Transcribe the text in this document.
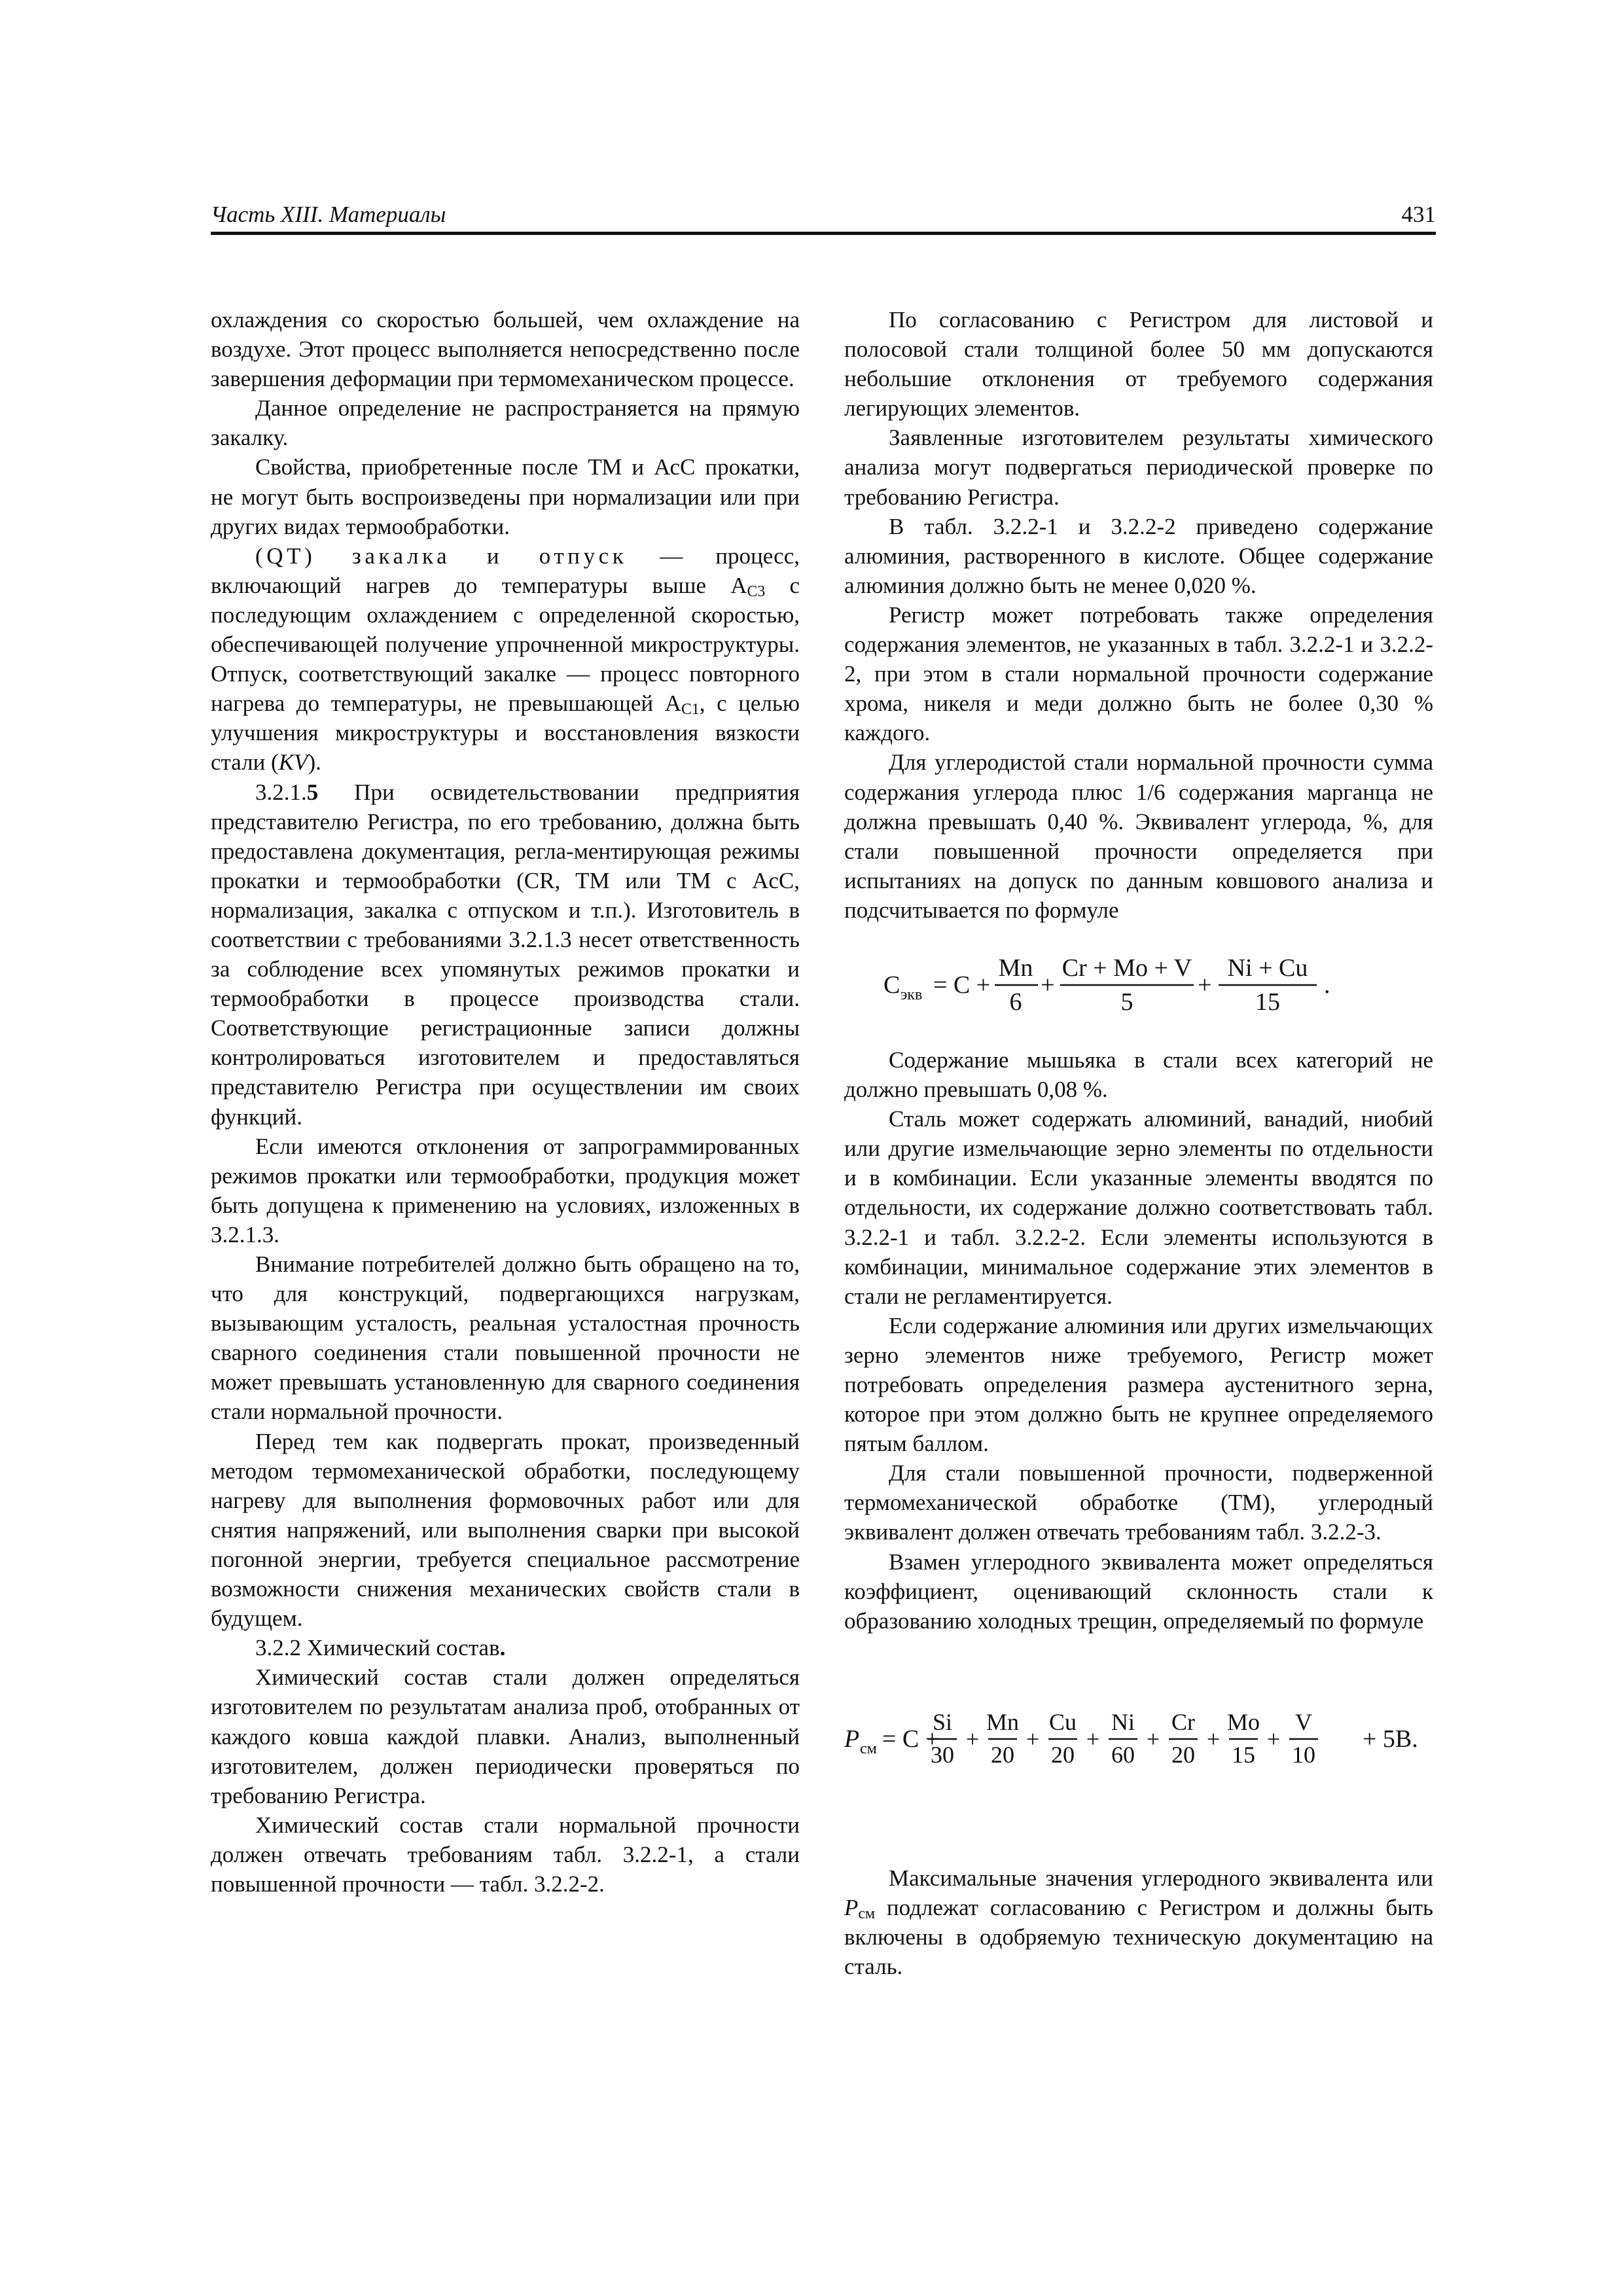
Часть XIII. Материалы	431

охлаждения со скоростью большей, чем охлаждение на воздухе. Этот процесс выполняется непосредственно после завершения деформации при термомеханическом процессе.

Данное определение не распространяется на прямую закалку.

Свойства, приобретенные после ТМ и АсС прокатки, не могут быть воспроизведены при нормализации или при других видах термообработки.

(QT) закалка и отпуск — процесс, включающий нагрев до температуры выше $A_{C3}$ с последующим охлаждением с определенной скоростью, обеспечивающей получение упрочненной микроструктуры. Отпуск, соответствующий закалке — процесс повторного нагрева до температуры, не превышающей $A_{C1}$, с целью улучшения микроструктуры и восстановления вязкости стали (KV).

3.2.1.5 При освидетельствовании предприятия представителю Регистра, по его требованию, должна быть предоставлена документация, регла-ментирующая режимы прокатки и термообработки (CR, TM или TM с AcC, нормализация, закалка с отпуском и т.п.). Изготовитель в соответствии с требованиями 3.2.1.3 несет ответственность за соблюдение всех упомянутых режимов прокатки и термообработки в процессе производства стали. Соответствующие регистрационные записи должны контролироваться изготовителем и предоставляться представителю Регистра при осуществлении им своих функций.

Если имеются отклонения от запрограммированных режимов прокатки или термообработки, продукция может быть допущена к применению на условиях, изложенных в 3.2.1.3.

Внимание потребителей должно быть обращено на то, что для конструкций, подвергающихся нагрузкам, вызывающим усталость, реальная усталостная прочность сварного соединения стали повышенной прочности не может превышать установленную для сварного соединения стали нормальной прочности.

Перед тем как подвергать прокат, произведенный методом термомеханической обработки, последующему нагреву для выполнения формовочных работ или для снятия напряжений, или выполнения сварки при высокой погонной энергии, требуется специальное рассмотрение возможности снижения механических свойств стали в будущем.

3.2.2 Химический состав.

Химический состав стали должен определяться изготовителем по результатам анализа проб, отобранных от каждого ковша каждой плавки. Анализ, выполненный изготовителем, должен периодически проверяться по требованию Регистра.

Химический состав стали нормальной прочности должен отвечать требованиям табл. 3.2.2-1, а стали повышенной прочности — табл. 3.2.2-2.

По согласованию с Регистром для листовой и полосовой стали толщиной более 50 мм допускаются небольшие отклонения от требуемого содержания легирующих элементов.

Заявленные изготовителем результаты химического анализа могут подвергаться периодической проверке по требованию Регистра.

В табл. 3.2.2-1 и 3.2.2-2 приведено содержание алюминия, растворенного в кислоте. Общее содержание алюминия должно быть не менее 0,020 %.

Регистр может потребовать также определения содержания элементов, не указанных в табл. 3.2.2-1 и 3.2.2-2, при этом в стали нормальной прочности содержание хрома, никеля и меди должно быть не более 0,30 % каждого.

Для углеродистой стали нормальной прочности сумма содержания углерода плюс 1/6 содержания марганца не должна превышать 0,40 %. Эквивалент углерода, %, для стали повышенной прочности определяется при испытаниях на допуск по данным ковшового анализа и подсчитывается по формуле

C экв = C +
Mn
6
+
Cr + Mo + V
5
+
Ni + Cu
15
.

Содержание мышьяка в стали всех категорий не должно превышать 0,08 %.

Сталь может содержать алюминий, ванадий, ниобий или другие измельчающие зерно элементы по отдельности и в комбинации. Если указанные элементы вводятся по отдельности, их содержание должно соответствовать табл. 3.2.2-1 и табл. 3.2.2-2. Если элементы используются в комбинации, минимальное содержание этих элементов в стали не регламентируется.

Если содержание алюминия или других измельчающих зерно элементов ниже требуемого, Регистр может потребовать определения размера аустенитного зерна, которое при этом должно быть не крупнее определяемого пятым баллом.

Для стали повышенной прочности, подверженной термомеханической обработке (ТМ), углеродный эквивалент должен отвечать требованиям табл. 3.2.2-3.

Взамен углеродного эквивалента может определяться коэффициент, оценивающий склонность стали к образованию холодных трещин, определяемый по формуле

P см = C +
Si
30
+
Mn
20
+
Cu
20
+
Ni
60
+
Cr
20
+
Mo
15
+
V
10
+ 5B.

Максимальные значения углеродного эквивалента или $P_{см}$ подлежат согласованию с Регистром и должны быть включены в одобряемую техническую документацию на сталь.
